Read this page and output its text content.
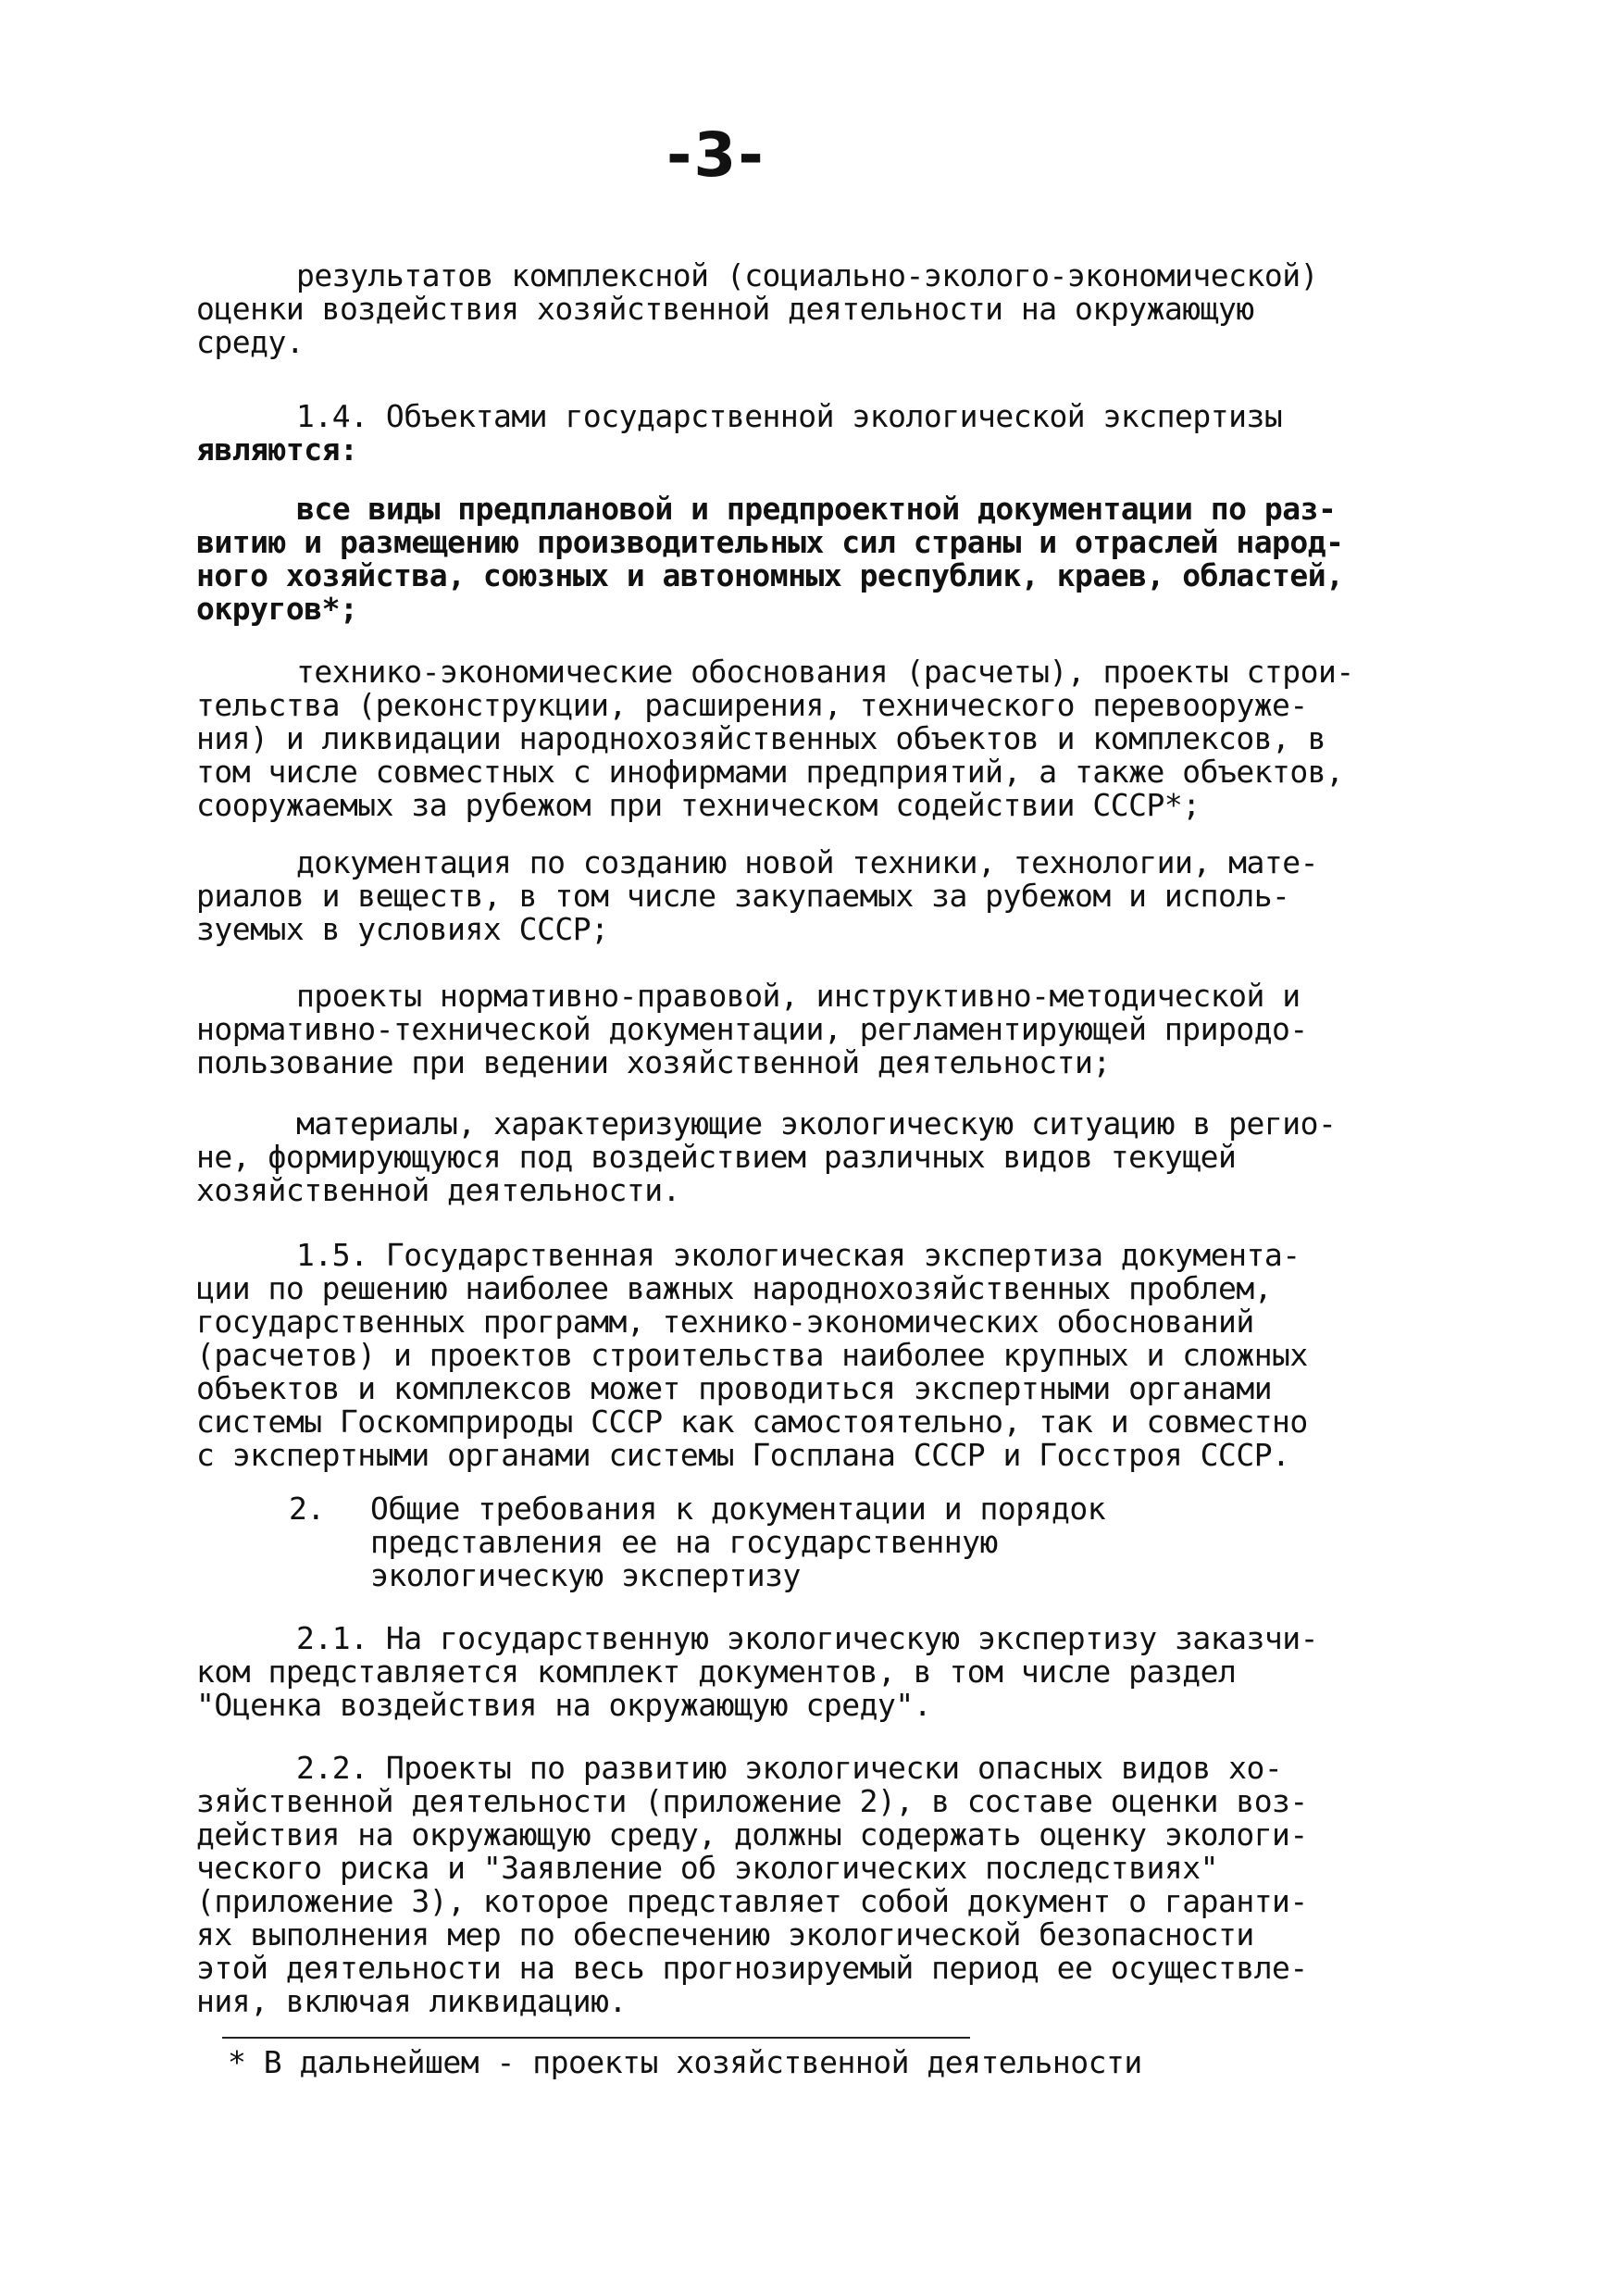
-3-
результатов комплексной (социально-эколого-экономической)
оценки воздействия хозяйственной деятельности на окружающую
среду.
1.4. Объектами государственной экологической экспертизы
являются:
все виды предплановой и предпроектной документации по раз-
витию и размещению производительных сил страны и отраслей народ-
ного хозяйства, союзных и автономных республик, краев, областей,
округов*;
технико-экономические обоснования (расчеты), проекты строи-
тельства (реконструкции, расширения, технического перевооруже-
ния) и ликвидации народнохозяйственных объектов и комплексов, в
том числе совместных с инофирмами предприятий, а также объектов,
сооружаемых за рубежом при техническом содействии СССР*;
документация по созданию новой техники, технологии, мате-
риалов и веществ, в том числе закупаемых за рубежом и исполь-
зуемых в условиях СССР;
проекты нормативно-правовой, инструктивно-методической и
нормативно-технической документации, регламентирующей природо-
пользование при ведении хозяйственной деятельности;
материалы, характеризующие экологическую ситуацию в регио-
не, формирующуюся под воздействием различных видов текущей
хозяйственной деятельности.
1.5. Государственная экологическая экспертиза документа-
ции по решению наиболее важных народнохозяйственных проблем,
государственных программ, технико-экономических обоснований
(расчетов) и проектов строительства наиболее крупных и сложных
объектов и комплексов может проводиться экспертными органами
системы Госкомприроды СССР как самостоятельно, так и совместно
с экспертными органами системы Госплана СССР и Госстроя СССР.
2. Общие требования к документации и порядок
представления ее на государственную
экологическую экспертизу
2.1. На государственную экологическую экспертизу заказчи-
ком представляется комплект документов, в том числе раздел
"Оценка воздействия на окружающую среду".
2.2. Проекты по развитию экологически опасных видов хо-
зяйственной деятельности (приложение 2), в составе оценки воз-
действия на окружающую среду, должны содержать оценку экологи-
ческого риска и "Заявление об экологических последствиях"
(приложение 3), которое представляет собой документ о гаранти-
ях выполнения мер по обеспечению экологической безопасности
этой деятельности на весь прогнозируемый период ее осуществле-
ния, включая ликвидацию.
* В дальнейшем - проекты хозяйственной деятельности
